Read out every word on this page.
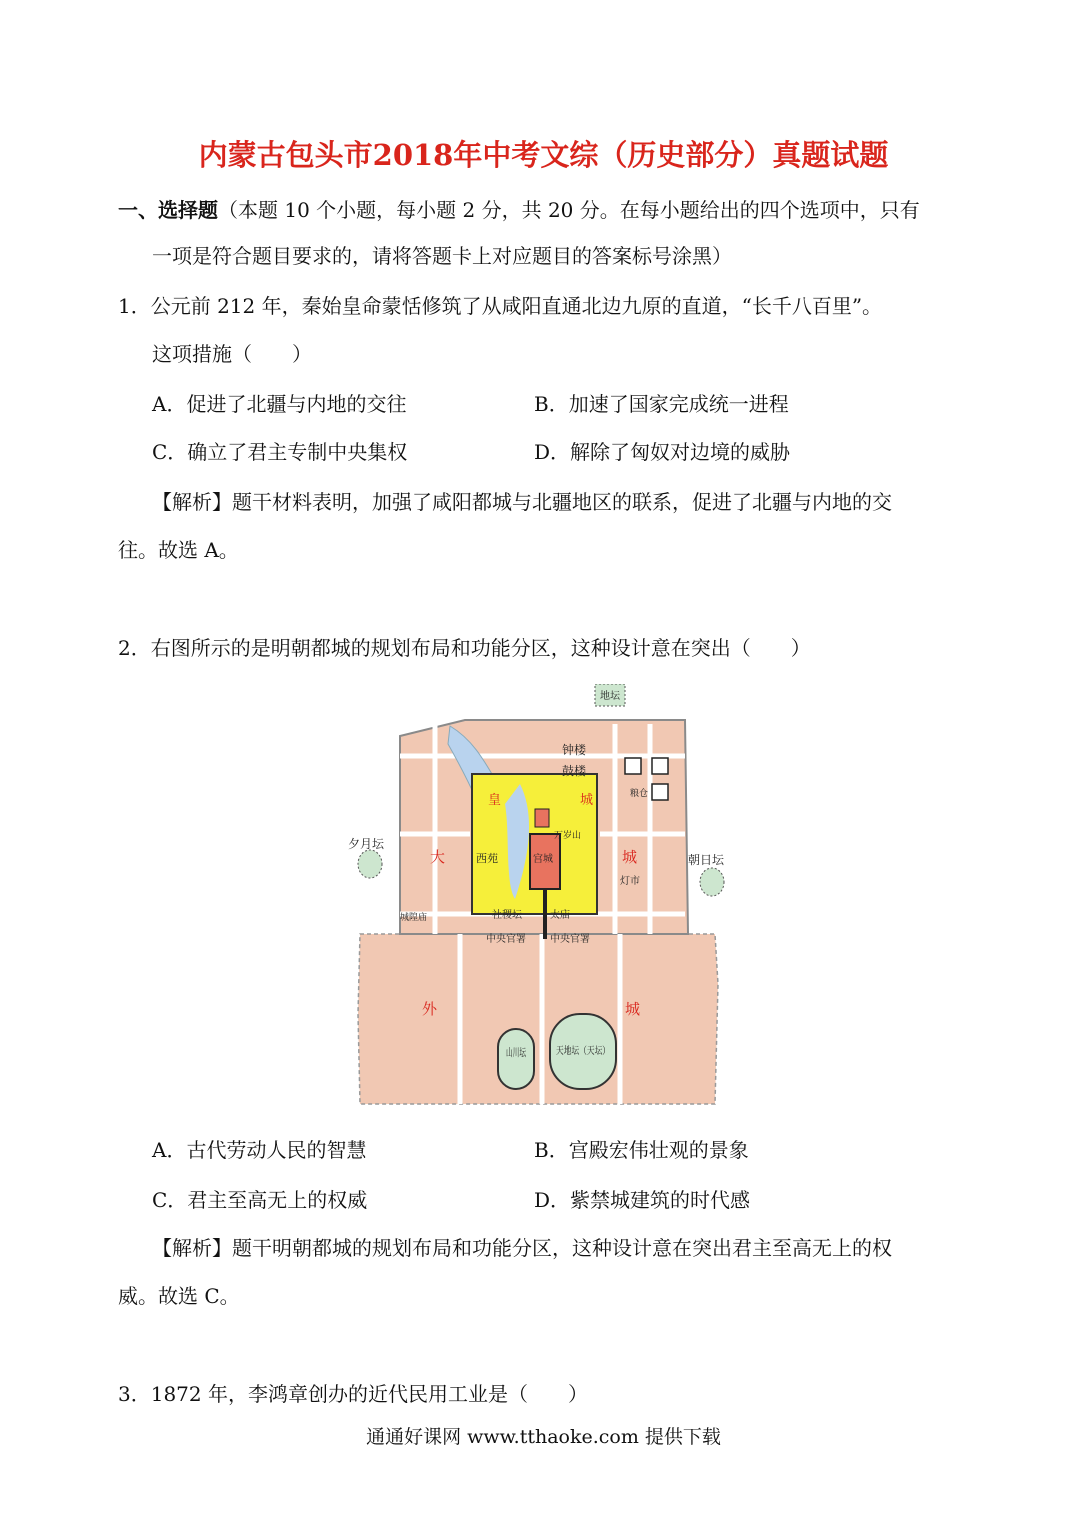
内蒙古包头市2018年中考文综（历史部分）真题试题
一、选择题（本题 10 个小题，每小题 2 分，共 20 分。在每小题给出的四个选项中，只有
一项是符合题目要求的，请将答题卡上对应题目的答案标号涂黑）
1．公元前 212 年，秦始皇命蒙恬修筑了从咸阳直通北边九原的直道，“长千八百里”。
这项措施（　　）
A．促进了北疆与内地的交往	B．加速了国家完成统一进程
C．确立了君主专制中央集权	D．解除了匈奴对边境的威胁
【解析】题干材料表明，加强了咸阳都城与北疆地区的联系，促进了北疆与内地的交
往。故选 A。
2．右图所示的是明朝都城的规划布局和功能分区，这种设计意在突出（　　）
地坛
钟楼
鼓楼
粮仓
夕月坛
朝日坛
大	城
皇	城
万岁山
宫城
西苑
灯市
城隍庙	社稷坛	太庙
中央官署 中央官署
外	城
山川坛	天地坛（天坛）
A．古代劳动人民的智慧	B．宫殿宏伟壮观的景象
C．君主至高无上的权威	D．紫禁城建筑的时代感
【解析】题干明朝都城的规划布局和功能分区，这种设计意在突出君主至高无上的权
威。故选 C。
3．1872 年，李鸿章创办的近代民用工业是（　　）
通通好课网 www.tthaoke.com 提供下载
